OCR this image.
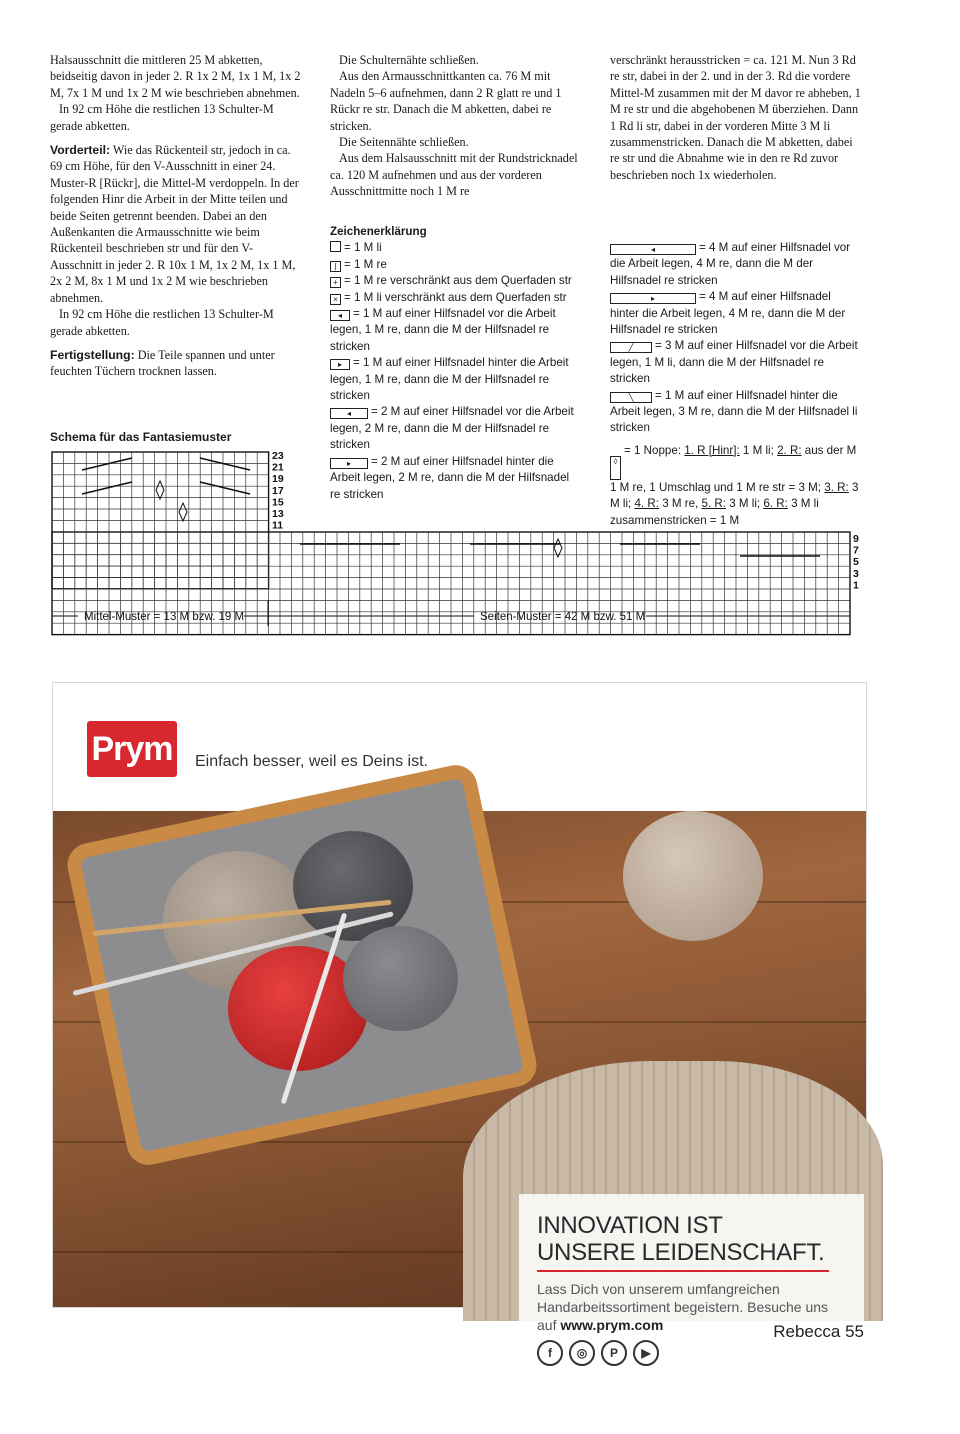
Halsausschnitt die mittleren 25 M abketten, beidseitig davon in jeder 2. R 1x 2 M, 1x 1 M, 1x 2 M, 7x 1 M und 1x 2 M wie beschrieben abnehmen.

In 92 cm Höhe die restlichen 13 Schulter-M gerade abketten.

Vorderteil: Wie das Rückenteil str, jedoch in ca. 69 cm Höhe, für den V-Ausschnitt in einer 24. Muster-R [Rückr], die Mittel-M verdoppeln. In der folgenden Hinr die Arbeit in der Mitte teilen und beide Seiten getrennt beenden. Dabei an den Außenkanten die Armausschnitte wie beim Rückenteil beschrieben str und für den V-Ausschnitt in jeder 2. R 10x 1 M, 1x 2 M, 1x 1 M, 2x 2 M, 8x 1 M und 1x 2 M wie beschrieben abnehmen.

In 92 cm Höhe die restlichen 13 Schulter-M gerade abketten.

Fertigstellung: Die Teile spannen und unter feuchten Tüchern trocknen lassen.

Die Schulternähte schließen.

Aus den Armausschnittkanten ca. 76 M mit Nadeln 5–6 aufnehmen, dann 2 R glatt re und 1 Rückr re str. Danach die M abketten, dabei re stricken.

Die Seitennähte schließen.

Aus dem Halsausschnitt mit der Rundstricknadel ca. 120 M aufnehmen und aus der vorderen Ausschnittmitte noch 1 M re

verschränkt herausstricken = ca. 121 M. Nun 3 Rd re str, dabei in der 2. und in der 3. Rd die vordere Mittel-M zusammen mit der M davor re abheben, 1 M re str und die abgehobenen M überziehen. Dann 1 Rd li str, dabei in der vorderen Mitte 3 M li zusammenstricken. Danach die M abketten, dabei re str und die Abnahme wie in den re Rd zuvor beschrieben noch 1x wiederholen.

Zeichenerklärung

= 1 M li

| = 1 M re

+ = 1 M re verschränkt aus dem Querfaden str

× = 1 M li verschränkt aus dem Querfaden str

◂ = 1 M auf einer Hilfsnadel vor die Arbeit legen, 1 M re, dann die M der Hilfsnadel re stricken

▸ = 1 M auf einer Hilfsnadel hinter die Arbeit legen, 1 M re, dann die M der Hilfsnadel re stricken

◂ = 2 M auf einer Hilfsnadel vor die Arbeit legen, 2 M re, dann die M der Hilfsnadel re stricken

▸ = 2 M auf einer Hilfsnadel hinter die Arbeit legen, 2 M re, dann die M der Hilfsnadel re stricken

◂	= 4 M auf einer Hilfsnadel vor die Arbeit legen, 4 M re, dann die M der Hilfsnadel re stricken

▸	= 4 M auf einer Hilfsnadel hinter die Arbeit legen, 4 M re, dann die M der Hilfsnadel re stricken

╱ = 3 M auf einer Hilfsnadel vor die Arbeit legen, 1 M li, dann die M der Hilfsnadel re stricken

╲ = 1 M auf einer Hilfsnadel hinter die Arbeit legen, 3 M re, dann die M der Hilfsnadel li stricken

◊= 1 Noppe: 1. R [Hinr]: 1 M li; 2. R: aus der M 1 M re, 1 Umschlag und 1 M re str = 3 M; 3. R: 3 M li; 4. R: 3 M re, 5. R: 3 M li; 6. R: 3 M li zusammenstricken = 1 M

Schema für das Fantasiemuster
23
21
19
17
15
13
11
9
7
5
3
1
Mittel-Muster = 13 M bzw. 19 M	Seiten-Muster = 42 M bzw. 51 M
Prym Einfach besser, weil es Deins ist.
INNOVATION IST
UNSERE LEIDENSCHAFT.
Lass Dich von unserem umfangreichen Handarbeitssortiment begeistern. Besuche uns auf www.prym.com
f	◎	P	▶
Rebecca 55
